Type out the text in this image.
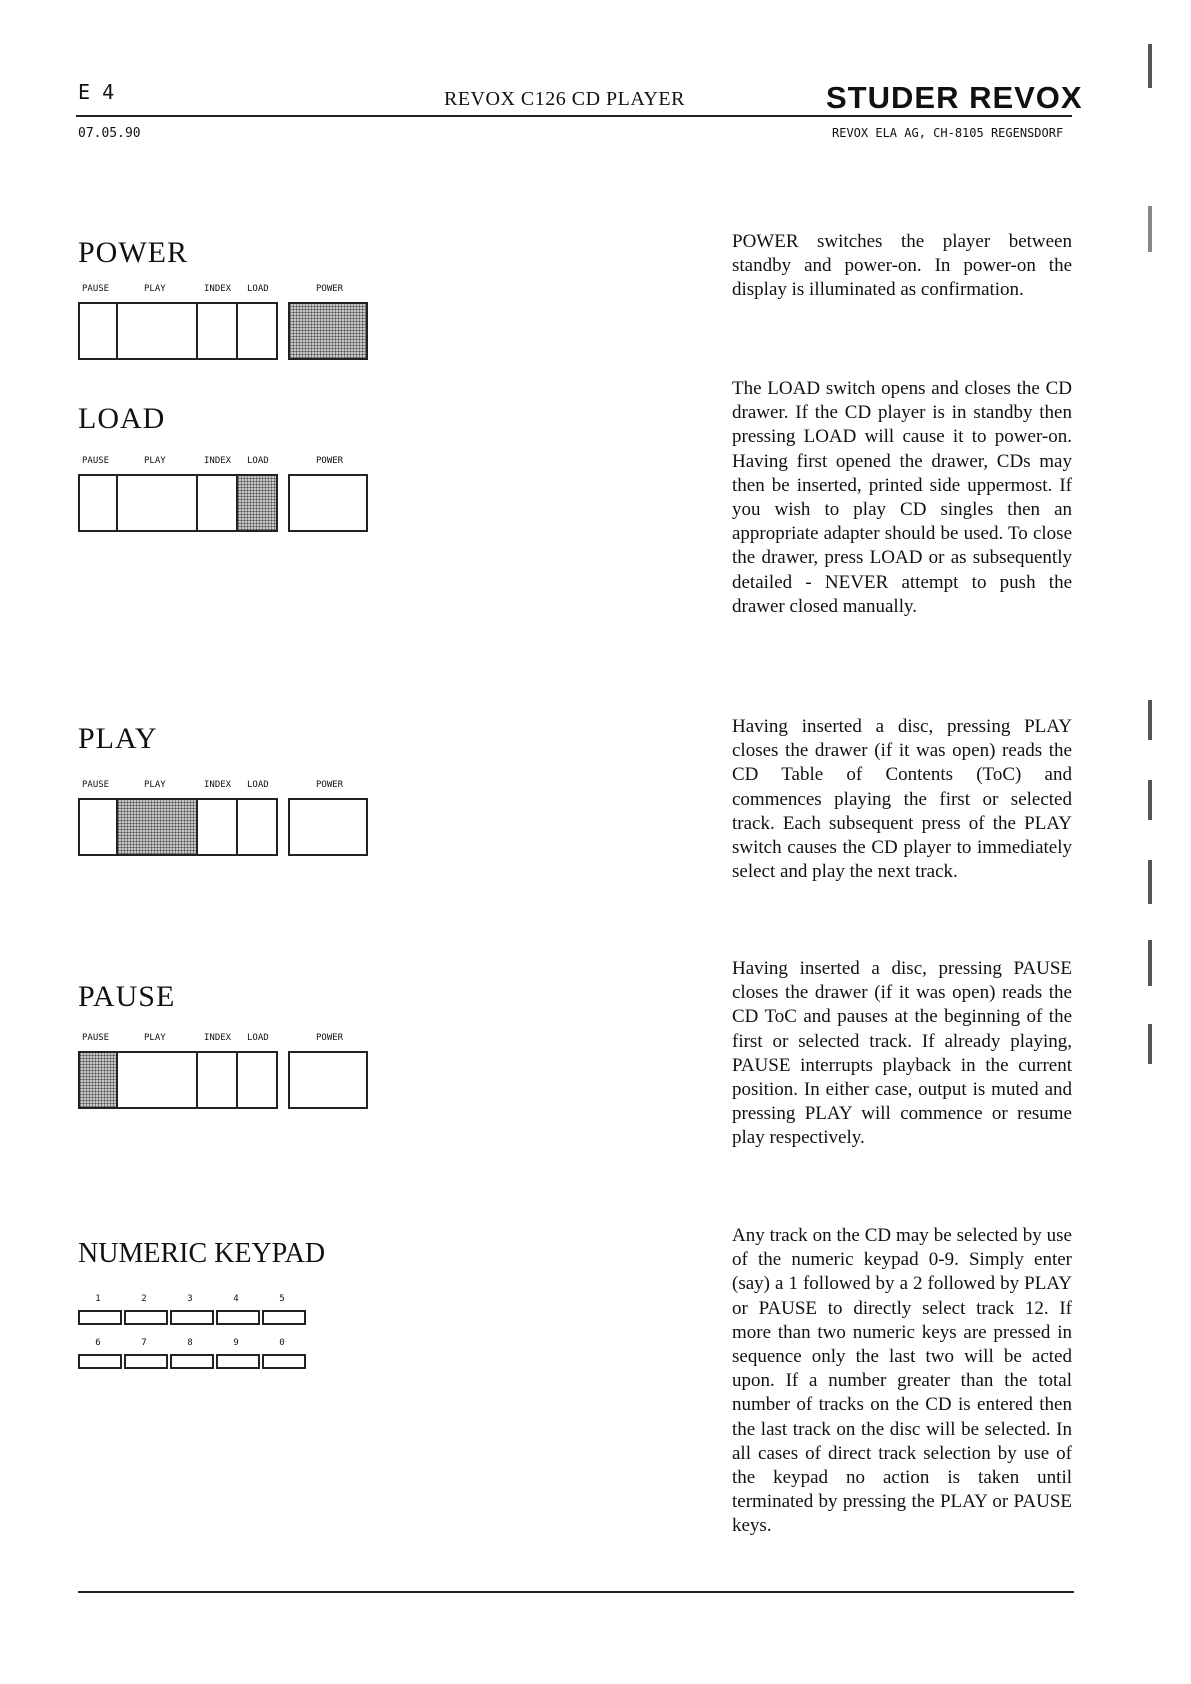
E 4
07.05.90
REVOX C126 CD PLAYER	STUDER REVOX
REVOX ELA AG, CH-8105 REGENSDORF
POWER
PAUSE	PLAY	INDEX LOAD	POWER
POWER switches the player between standby and power-on. In power-on the display is illuminated as confirmation.
LOAD
PAUSE	PLAY	INDEX LOAD	POWER
The LOAD switch opens and closes the CD drawer. If the CD player is in standby then pressing LOAD will cause it to power-on. Having first opened the drawer, CDs may then be inserted, printed side uppermost. If you wish to play CD singles then an appropriate adapter should be used. To close the drawer, press LOAD or as subsequently detailed - NEVER attempt to push the drawer closed manually.
PLAY
PAUSE	PLAY	INDEX LOAD	POWER
Having inserted a disc, pressing PLAY closes the drawer (if it was open) reads the CD Table of Contents (ToC) and commences playing the first or selected track. Each subsequent press of the PLAY switch causes the CD player to immediately select and play the next track.
PAUSE
PAUSE	PLAY	INDEX LOAD	POWER
Having inserted a disc, pressing PAUSE closes the drawer (if it was open) reads the CD ToC and pauses at the beginning of the first or selected track. If already playing, PAUSE interrupts playback in the current position. In either case, output is muted and pressing PLAY will commence or resume play respectively.
NUMERIC KEYPAD
1	2	3	4	5
6	7	8	9	0
Any track on the CD may be selected by use of the numeric keypad 0-9. Simply enter (say) a 1 followed by a 2 followed by PLAY or PAUSE to directly select track 12. If more than two numeric keys are pressed in sequence only the last two will be acted upon. If a number greater than the total number of tracks on the CD is entered then the last track on the disc will be selected. In all cases of direct track selection by use of the keypad no action is taken until terminated by pressing the PLAY or PAUSE keys.
